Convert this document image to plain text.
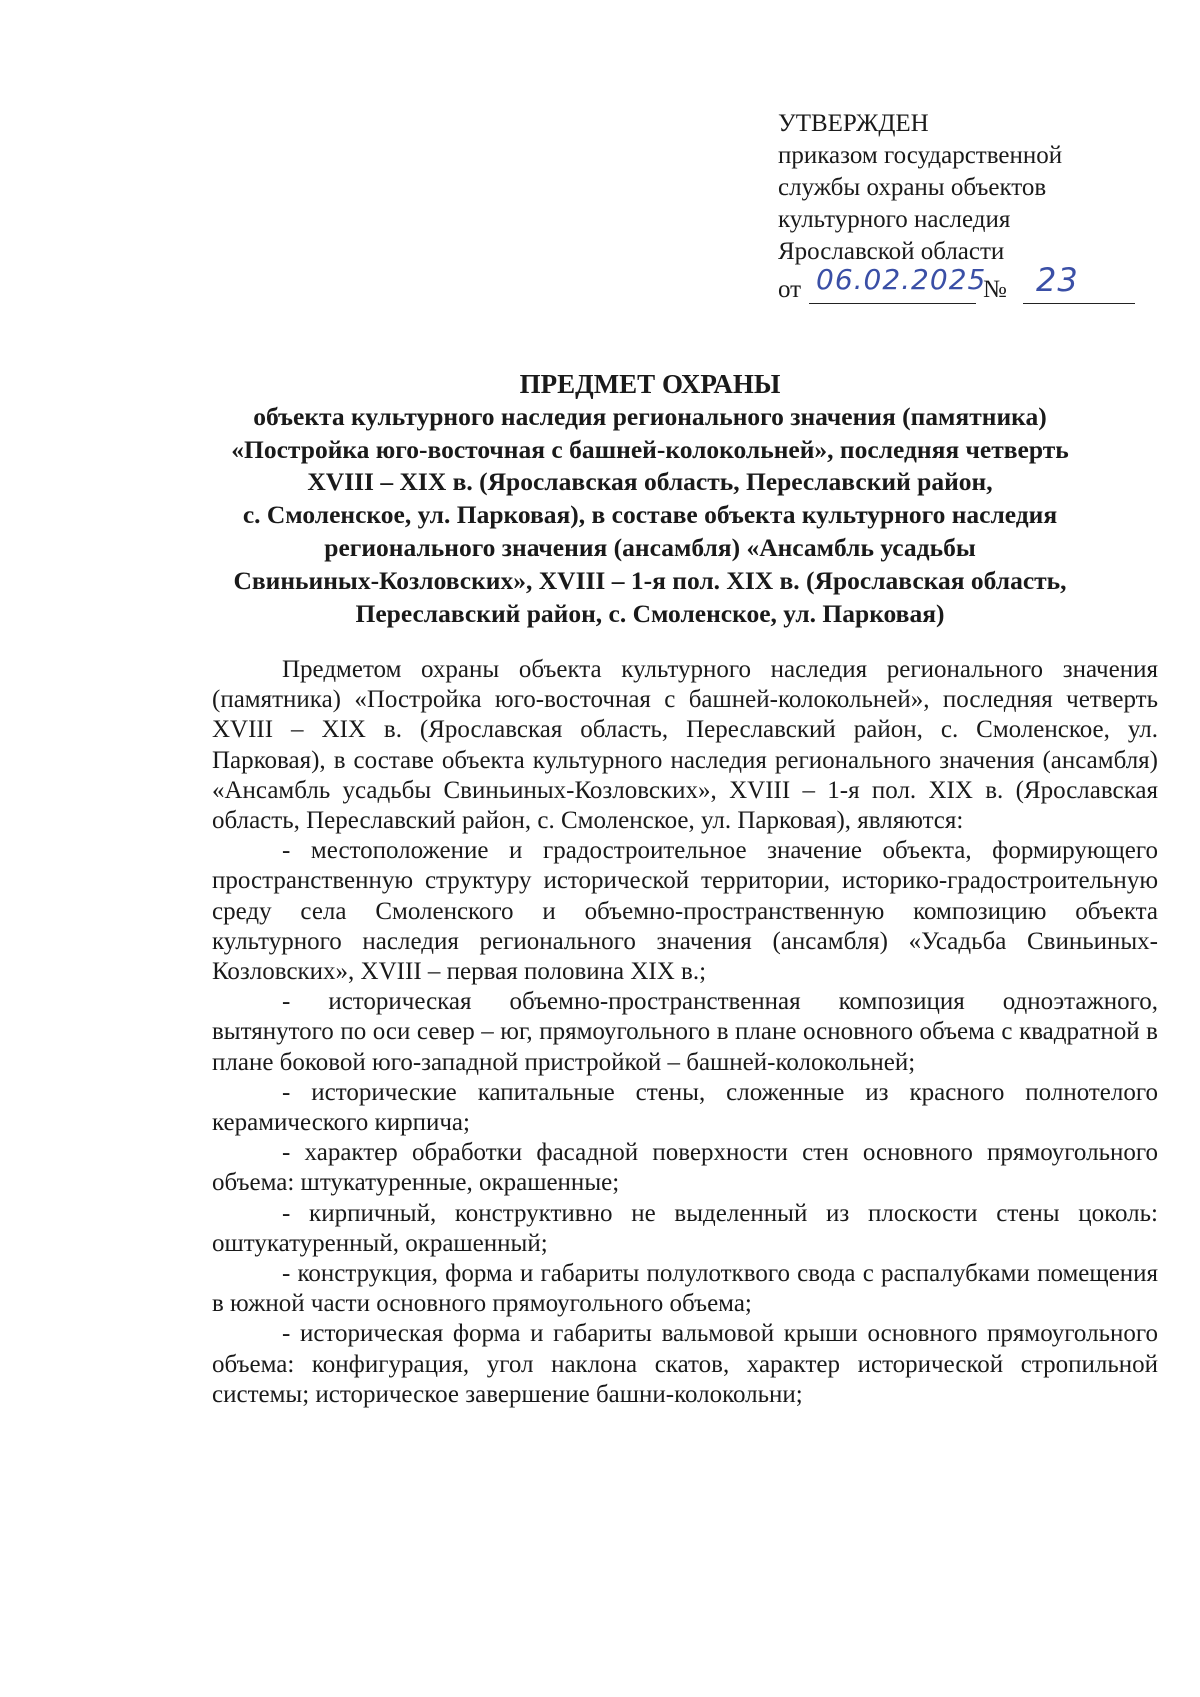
УТВЕРЖДЕН
приказом государственной
службы охраны объектов
культурного наследия
Ярославской области
от 06.02.2025
№ 23
ПРЕДМЕТ ОХРАНЫ
объекта культурного наследия регионального значения (памятника)
«Постройка юго-восточная с башней-колокольней», последняя четверть
XVIII – XIX в. (Ярославская область, Переславский район,
с. Смоленское, ул. Парковая), в составе объекта культурного наследия
регионального значения (ансамбля) «Ансамбль усадьбы
Свиньиных-Козловских», XVIII – 1-я пол. XIX в. (Ярославская область,
Переславский район, с. Смоленское, ул. Парковая)

Предметом охраны объекта культурного наследия регионального значения (памятника) «Постройка юго-восточная с башней-колокольней», последняя четверть XVIII – XIX в. (Ярославская область, Переславский район, с. Смоленское, ул. Парковая), в составе объекта культурного наследия регионального значения (ансамбля) «Ансамбль усадьбы Свиньиных-Козловских», XVIII – 1-я пол. XIX в. (Ярославская область, Переславский район, с. Смоленское, ул. Парковая), являются:

- местоположение и градостроительное значение объекта, формирующего пространственную структуру исторической территории, историко-градостроительную среду села Смоленского и объемно-пространственную композицию объекта культурного наследия регионального значения (ансамбля) «Усадьба Свиньиных-Козловских», XVIII – первая половина XIX в.;

- историческая объемно-пространственная композиция одноэтажного, вытянутого по оси север – юг, прямоугольного в плане основного объема с квадратной в плане боковой юго-западной пристройкой – башней-колокольней;

- исторические капитальные стены, сложенные из красного полнотелого керамического кирпича;

- характер обработки фасадной поверхности стен основного прямоугольного объема: штукатуренные, окрашенные;

- кирпичный, конструктивно не выделенный из плоскости стены цоколь: оштукатуренный, окрашенный;

- конструкция, форма и габариты полулотквого свода с распалубками помещения в южной части основного прямоугольного объема;

- историческая форма и габариты вальмовой крыши основного прямоугольного объема: конфигурация, угол наклона скатов, характер исторической стропильной системы; историческое завершение башни-колокольни;
